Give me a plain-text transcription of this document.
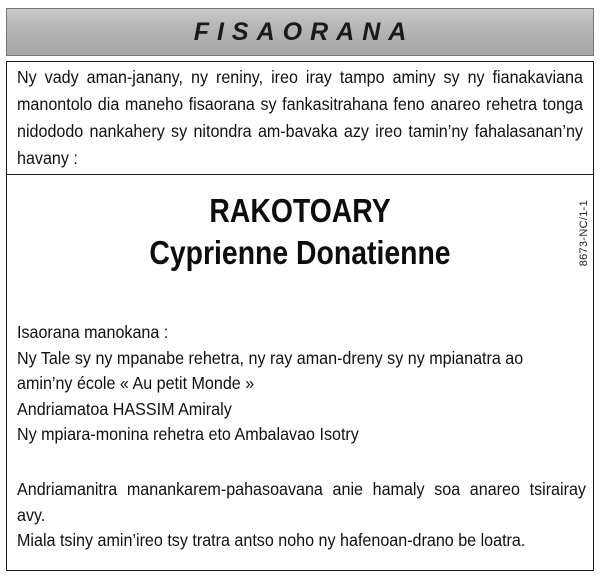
FISAORANA

Ny vady aman-janany, ny reniny, ireo iray tampo aminy sy ny fianakaviana manontolo dia maneho fisaorana sy fankasitrahana feno anareo rehetra tonga nidododo nankahery sy nitondra am-bavaka azy ireo tamin’ny fahalasanan’ny havany :

RAKOTOARY
Cyprienne Donatienne	8673-NC/1-1

Isaorana manokana :

Ny Tale sy ny mpanabe rehetra, ny ray aman-dreny sy ny mpianatra ao

amin’ny école « Au petit Monde »

Andriamatoa HASSIM Amiraly

Ny mpiara-monina rehetra eto Ambalavao Isotry

Andriamanitra manankarem-pahasoavana anie hamaly soa anareo tsirairay avy.

Miala tsiny amin’ireo tsy tratra antso noho ny hafenoan-drano be loatra.
